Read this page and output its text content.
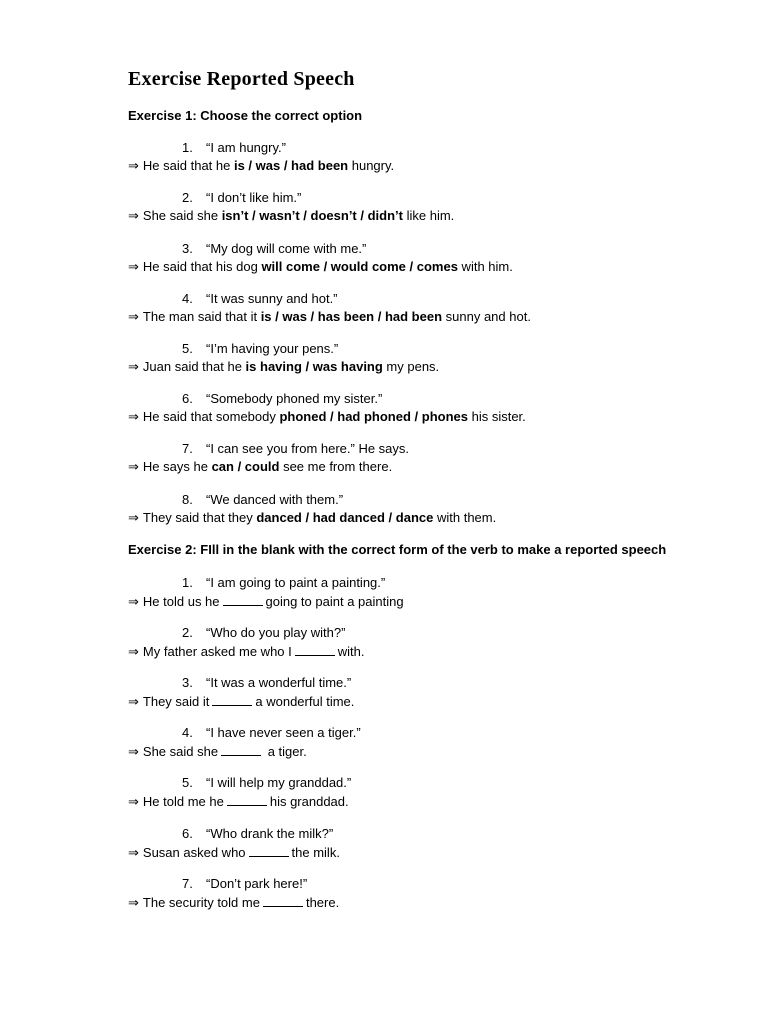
Exercise Reported Speech
Exercise 1: Choose the correct option
1. “I am hungry.”
⇒ He said that he is / was / had been hungry.
2. “I don’t like him.”
⇒ She said she isn’t / wasn’t / doesn’t / didn’t like him.
3. “My dog will come with me.”
⇒ He said that his dog will come / would come / comes with him.
4. “It was sunny and hot.”
⇒ The man said that it is / was / has been / had been sunny and hot.
5. “I’m having your pens.”
⇒ Juan said that he is having / was having my pens.
6. “Somebody phoned my sister.”
⇒ He said that somebody phoned / had phoned / phones his sister.
7. “I can see you from here.” He says.
⇒ He says he can / could see me from there.
8. “We danced with them.”
⇒ They said that they danced / had danced / dance with them.
Exercise 2: FIll in the blank with the correct form of the verb to make a reported speech
1. “I am going to paint a painting.”
⇒ He told us he	going to paint a painting
2. “Who do you play with?”
⇒ My father asked me who I	with.
3. “It was a wonderful time.”
⇒ They said it	a wonderful time.
4. “I have never seen a tiger.”
⇒ She said she	a tiger.
5. “I will help my granddad.”
⇒ He told me he	his granddad.
6. “Who drank the milk?”
⇒ Susan asked who	the milk.
7. “Don’t park here!”
⇒ The security told me	there.
